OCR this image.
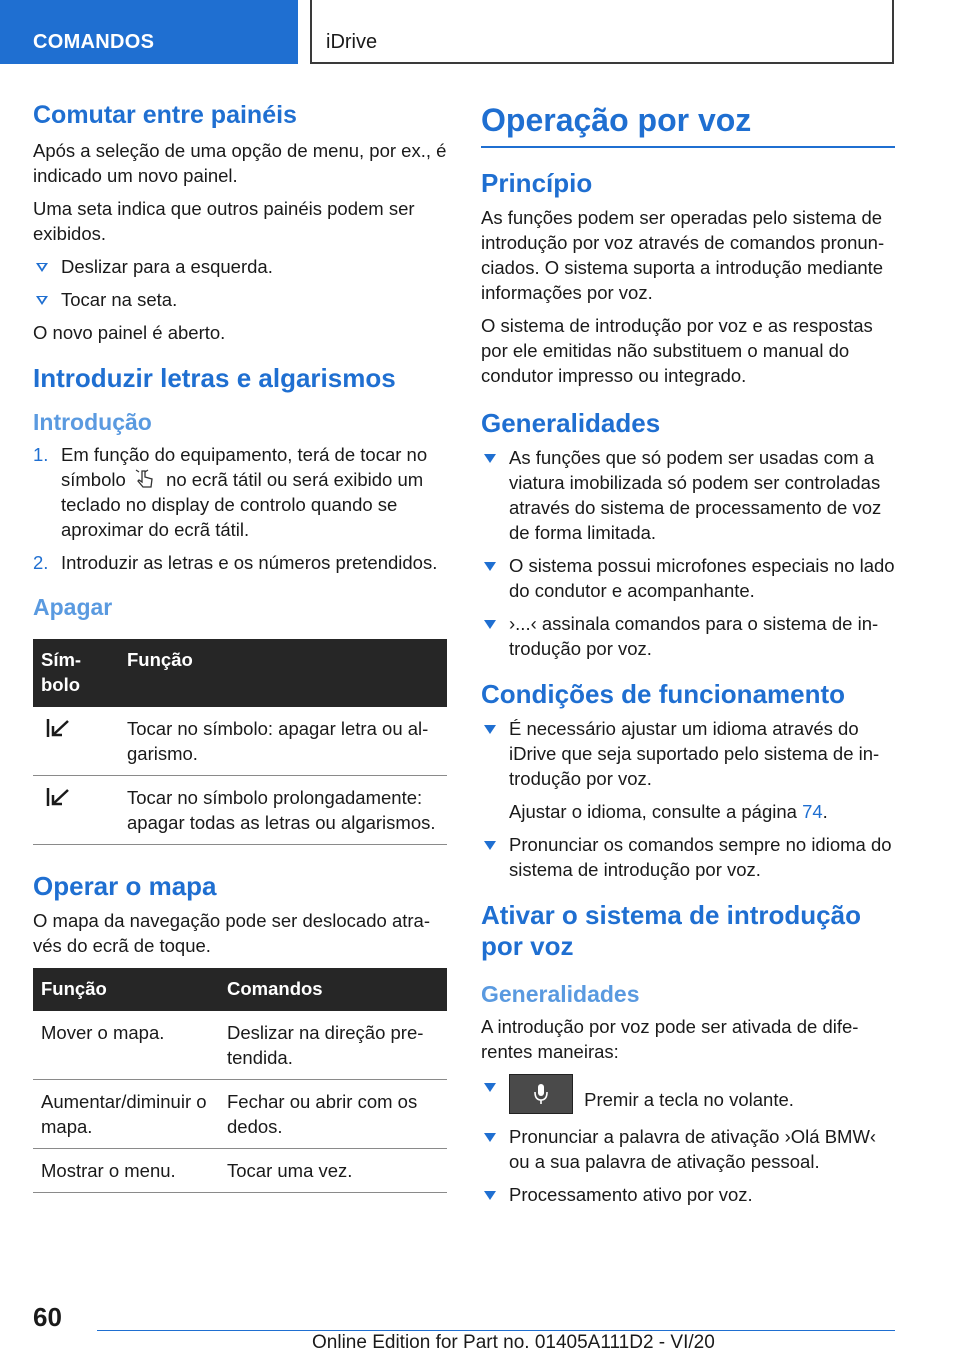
COMANDOS	iDrive
Comutar entre painéis

Após a seleção de uma opção de menu, por ex., é indicado um novo painel.

Uma seta indica que outros painéis podem ser exibidos.

Deslizar para a esquerda.
Tocar na seta.

O novo painel é aberto.

Introduzir letras e algarismos
Introdução
1. Em função do equipamento, terá de tocar no símbolo no ecrã tátil ou será exibido um teclado no display de controlo quando se aproximar do ecrã tátil.
2. Introduzir as letras e os números pretendidos.
Apagar
Sím-bolo	Função
	Tocar no símbolo: apagar letra ou al-garismo.
	Tocar no símbolo prolongadamente: apagar todas as letras ou algarismos.
Operar o mapa

O mapa da navegação pode ser deslocado atra-vés do ecrã de toque.

Função	Comandos
Mover o mapa.	Deslizar na direção pre-tendida.
Aumentar/diminuir o mapa.	Fechar ou abrir com os dedos.
Mostrar o menu.	Tocar uma vez.
Operação por voz
Princípio

As funções podem ser operadas pelo sistema de introdução por voz através de comandos pronun-ciados. O sistema suporta a introdução mediante informações por voz.

O sistema de introdução por voz e as respostas por ele emitidas não substituem o manual do condutor impresso ou integrado.

Generalidades
As funções que só podem ser usadas com a viatura imobilizada só podem ser controladas através do sistema de processamento de voz de forma limitada.
O sistema possui microfones especiais no lado do condutor e acompanhante.
›...‹ assinala comandos para o sistema de in-trodução por voz.
Condições de funcionamento
É necessário ajustar um idioma através do iDrive que seja suportado pelo sistema de in-trodução por voz.
Ajustar o idioma, consulte a página 74.
Pronunciar os comandos sempre no idioma do sistema de introdução por voz.
Ativar o sistema de introdução por voz
Generalidades

A introdução por voz pode ser ativada de dife-rentes maneiras:

Premir a tecla no volante.
Pronunciar a palavra de ativação ›Olá BMW‹ ou a sua palavra de ativação pessoal.
Processamento ativo por voz.
60
Online Edition for Part no. 01405A111D2 - VI/20
